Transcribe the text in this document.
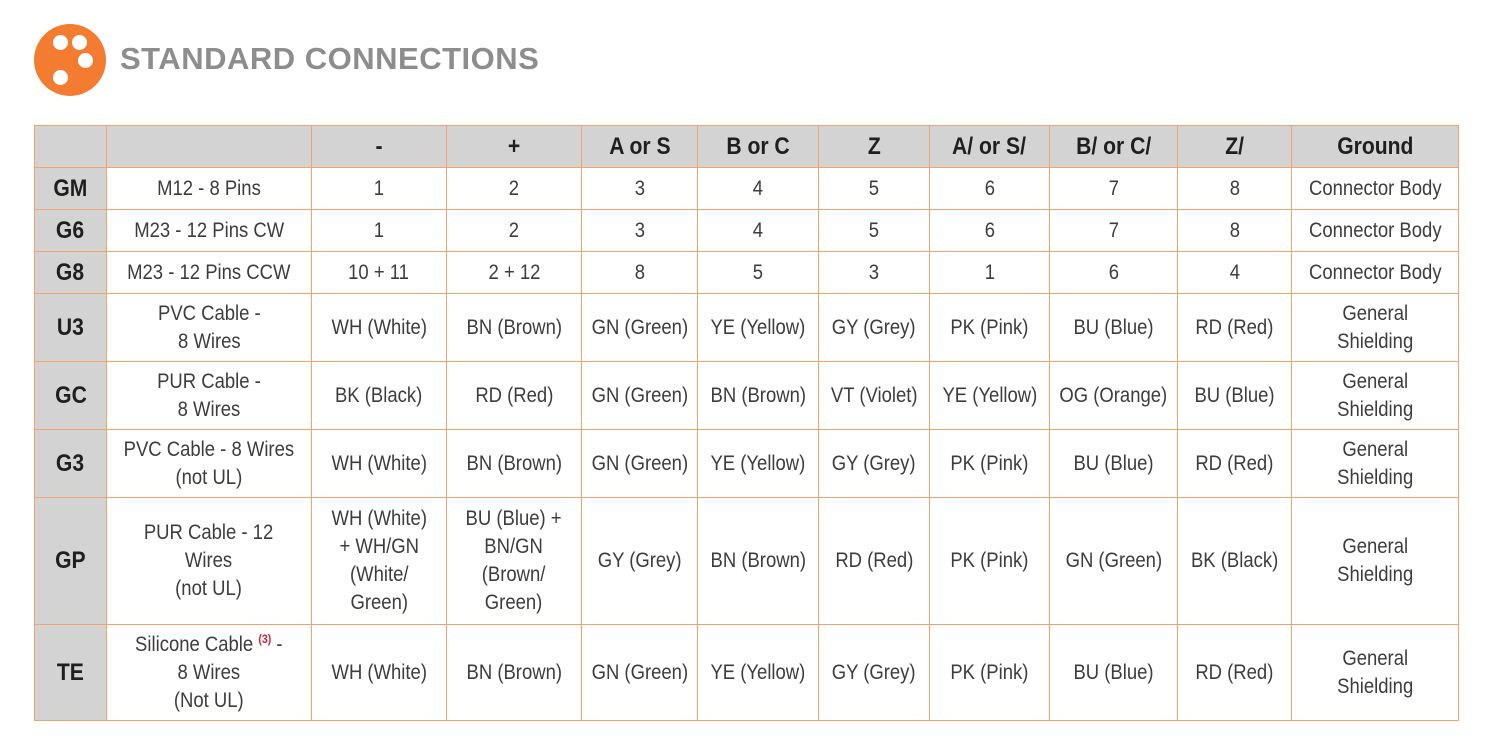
STANDARD CONNECTIONS
		-	+	A or S	B or C	Z	A/ or S/	B/ or C/	Z/	Ground
GM	M12 - 8 Pins	1	2	3	4	5	6	7	8	Connector Body
G6	M23 - 12 Pins CW	1	2	3	4	5	6	7	8	Connector Body
G8	M23 - 12 Pins CCW	10 + 11	2 + 12	8	5	3	1	6	4	Connector Body
U3	PVC Cable -
8 Wires	WH (White)	BN (Brown)	GN (Green)	YE (Yellow)	GY (Grey)	PK (Pink)	BU (Blue)	RD (Red)	General
Shielding
GC	PUR Cable -
8 Wires	BK (Black)	RD (Red)	GN (Green)	BN (Brown)	VT (Violet)	YE (Yellow)	OG (Orange)	BU (Blue)	General
Shielding
G3	PVC Cable - 8 Wires
(not UL)	WH (White)	BN (Brown)	GN (Green)	YE (Yellow)	GY (Grey)	PK (Pink)	BU (Blue)	RD (Red)	General
Shielding
GP	PUR Cable - 12
Wires
(not UL)	WH (White)
+ WH/GN
(White/
Green)	BU (Blue) +
BN/GN
(Brown/
Green)	GY (Grey)	BN (Brown)	RD (Red)	PK (Pink)	GN (Green)	BK (Black)	General
Shielding
TE	Silicone Cable $^{(3)}$ -
8 Wires
(Not UL)	WH (White)	BN (Brown)	GN (Green)	YE (Yellow)	GY (Grey)	PK (Pink)	BU (Blue)	RD (Red)	General
Shielding
